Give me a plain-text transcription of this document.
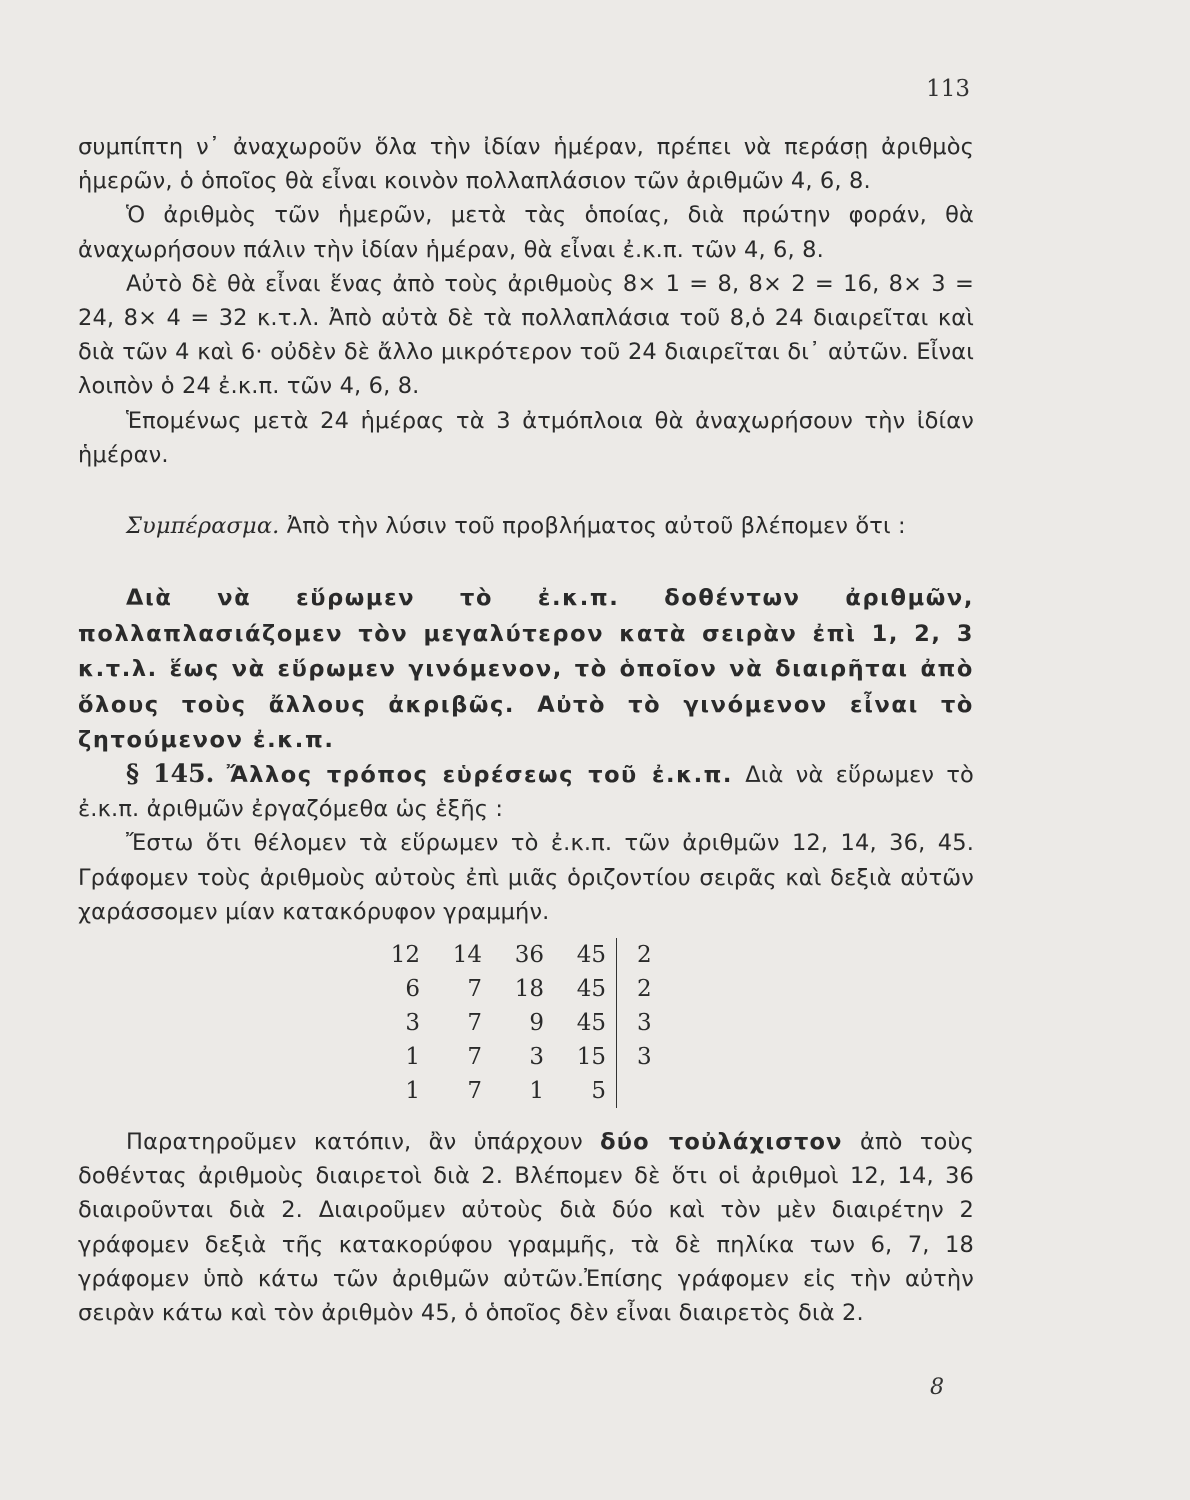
113

συμπίπτη ν᾽ ἀναχωροῦν ὅλα τὴν ἰδίαν ἡμέραν, πρέπει νὰ περάσῃ ἀριθμὸς ἡμερῶν, ὁ ὁποῖος θὰ εἶναι κοινὸν πολλαπλάσιον τῶν ἀριθμῶν 4, 6, 8.

Ὁ ἀριθμὸς τῶν ἡμερῶν, μετὰ τὰς ὁποίας, διὰ πρώτην φοράν, θὰ ἀναχωρήσουν πάλιν τὴν ἰδίαν ἡμέραν, θὰ εἶναι ἐ.κ.π. τῶν 4, 6, 8.

Αὐτὸ δὲ θὰ εἶναι ἕνας ἀπὸ τοὺς ἀριθμοὺς 8× 1 = 8, 8× 2 = 16, 8× 3 = 24, 8× 4 = 32 κ.τ.λ. Ἀπὸ αὐτὰ δὲ τὰ πολλαπλάσια τοῦ 8,ὁ 24 διαιρεῖται καὶ διὰ τῶν 4 καὶ 6· οὐδὲν δὲ ἄλλο μικρότερον τοῦ 24 διαιρεῖται δι᾽ αὐτῶν. Εἶναι λοιπὸν ὁ 24 ἐ.κ.π. τῶν 4, 6, 8.

Ἑπομένως μετὰ 24 ἡμέρας τὰ 3 ἀτμόπλοια θὰ ἀναχωρήσουν τὴν ἰδίαν ἡμέραν.

Συμπέρασμα. Ἀπὸ τὴν λύσιν τοῦ προβλήματος αὐτοῦ βλέπομεν ὅτι :

Διὰ νὰ εὕρωμεν τὸ ἐ.κ.π. δοθέντων ἀριθμῶν, πολλαπλασιάζομεν τὸν μεγαλύτερον κατὰ σειρὰν ἐπὶ 1, 2, 3 κ.τ.λ. ἕως νὰ εὕρωμεν γινόμενον, τὸ ὁποῖον νὰ διαιρῆται ἀπὸ ὅλους τοὺς ἄλλους ἀκριβῶς. Αὐτὸ τὸ γινόμενον εἶναι τὸ ζητούμενον ἐ.κ.π.

§ 145. Ἄλλος τρόπος εὑρέσεως τοῦ ἐ.κ.π. Διὰ νὰ εὕρωμεν τὸ ἐ.κ.π. ἀριθμῶν ἐργαζόμεθα ὡς ἑξῆς :

Ἔστω ὅτι θέλομεν τὰ εὕρωμεν τὸ ἐ.κ.π. τῶν ἀριθμῶν 12, 14, 36, 45. Γράφομεν τοὺς ἀριθμοὺς αὐτοὺς ἐπὶ μιᾶς ὁριζοντίου σειρᾶς καὶ δεξιὰ αὐτῶν χαράσσομεν μίαν κατακόρυφον γραμμήν.

12	14	36	45	2
6	7	18	45	2
3	7	9	45	3
1	7	3	15	3
1	7	1	5	

Παρατηροῦμεν κατόπιν, ἂν ὑπάρχουν δύο τοὐλάχιστον ἀπὸ τοὺς δοθέντας ἀριθμοὺς διαιρετοὶ διὰ 2. Βλέπομεν δὲ ὅτι οἱ ἀριθμοὶ 12, 14, 36 διαιροῦνται διὰ 2. Διαιροῦμεν αὐτοὺς διὰ δύο καὶ τὸν μὲν διαιρέτην 2 γράφομεν δεξιὰ τῆς κατακορύφου γραμμῆς, τὰ δὲ πηλίκα των 6, 7, 18 γράφομεν ὑπὸ κάτω τῶν ἀριθμῶν αὐτῶν.Ἐπίσης γράφομεν εἰς τὴν αὐτὴν σειρὰν κάτω καὶ τὸν ἀριθμὸν 45, ὁ ὁποῖος δὲν εἶναι διαιρετὸς διὰ 2.

8
